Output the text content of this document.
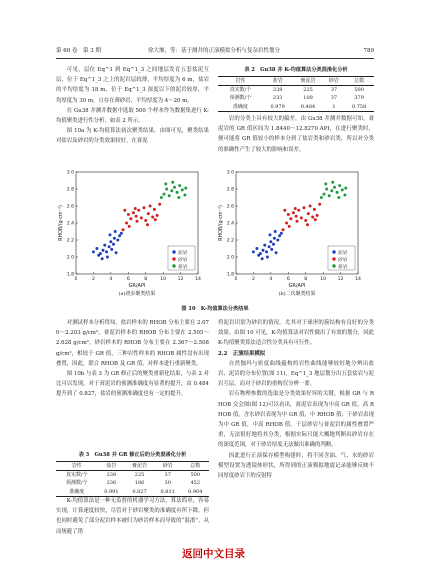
第 60 卷　第 3 期	徐大堰，等：基于测井的正演模拟分析与复杂岩性划分	789

可见，层位 Eq^1 到 Eq^1_3 之间地层发育五套盐泥互层，位于 Eq^1_3 之上的泥岩层较薄，平均厚度为 6 m，盐岩的平均厚度为 18 m，位于 Eq^1_3 深度以下的泥岩较厚，平均厚度为 30 m，且存在薄砂岩，平均厚度为 4～20 m。

在 Gu38 井测井数据中选取 500 个样本作为数据集进行 K-均值聚类进行性分析，如表 2 所示。

图 10a 为 K-均值算法初次聚类结果，由图可见，聚类结果对盐岩及砂岩的分类效果较好，在膏泥

表 2　Gu38 井 K-均值算法分类混淆化分析
岩性	盐岩	膏泥岩	砂岩	总数
真实数/个	238	225	37	500
预测数/个	233	109	37	379
准确度	0.979	0.484	1	0.758

岩的分类上具有较大的偏差。由 Gu38 井测井数据可知，膏泥岩的 GR 值区间为 1.8440～12.8270 API，在进行聚类时，便可能将 GR 值较小的样本分到了盐岩类和砂岩类，所以对分类的准确性产生了较大的影响和误差。

0	2	4	6	8	10	12	14
1.8
2.0
2.2
2.4
2.6
2.8
3.0
GR/API
RHOB/(g·cm⁻³)
(a)初步聚类结果
泥岩
砂岩
盐岩
0	2	4	6	8	10	12	14
1.8
2.0
2.2
2.4
2.6
2.8
3.0
GR/API
RHOB/(g·cm⁻³)
(b)二次聚类结果
泥岩
砂岩
盐岩
图 10　K-均值算法分类结果

对测试样本分析得知，盐岩样本的 RHOB 分布主要在 2.070～2.203 g/cm³，膏泥岩样本的 RHOB 分布主要在 2.505～2.628 g/cm³，砂岩样本的 RHOB 分布主要在 2.367～2.508 g/cm³，相较于 GR 值，三种岩性样本的 RHOB 属性没有出现叠置，因此，联合 RHOB 及 GR 值，对样本进行重新聚类。

图 10b 与表 3 为 GR 修正后的聚类重新化结果，与表 2 对比可以发现，对于膏泥岩的预测准确度有显著的提升，由 0.484 提升到了 0.827，盐岩的预测准确度也有一定的提升。

表 3　Gu38 井 GR 修正后的分类混淆化分析
岩性	盐岩	膏泥岩	砂岩	总数
真实数/个	238	225	37	500
预测数/个	236	186	30	452
准确度	0.991	0.827	0.811	0.904

K-均值算法是一种无监督的机器学习方法，算法简单，容易实现，计算速度较快，尽管对于砂岩聚类的准确度有所下降，但也同时避免了部分泥岩样本被归为砂岩样本而导致的“混淆”，从而规避了错

将泥岩识别为砂岩的情况。尤其对于球形的簇结构有良好的分类效果。由图 10 可见，K-均值算法对岩性做出了有效的划分，因此 K-均值聚类算法适合性分类具有可行性。

2.2　正演结果模拟

自然伽玛与密度曲线蕴构的岩性曲线能够较好地分辨出盐岩、泥岩的分布位置(图 11)，Eq^1_3 地层划分出五套盐岩与泥岩互层，而对于砂岩的重构仅分辨一要。

岩石物理参数的选取是分类效果好坏的关键。根据 GR 与 RHOB 交会图(图 12)可以看出，膏泥岩表现为中高 GR 值，高 RHOB 值，含水砂岩表现为中 GR 值，中 RHOB 值；干砂岩表现为中 GR 值，中高 RHOB 值。干层砂岩与膏泥岩的属性叠置严重，无法很好地将其分类，根据实际只能大概地判断出砂岩存在的深度范围，对于砂岩厚度无法做出准确的判断。

因此进行正演保存模型构建时，将不同含油、气、水的砂岩模型设置为透镜体形状，所得到的正演模拟地震记录能够反映不同厚度砂岩下的反射特

返回中文目录
